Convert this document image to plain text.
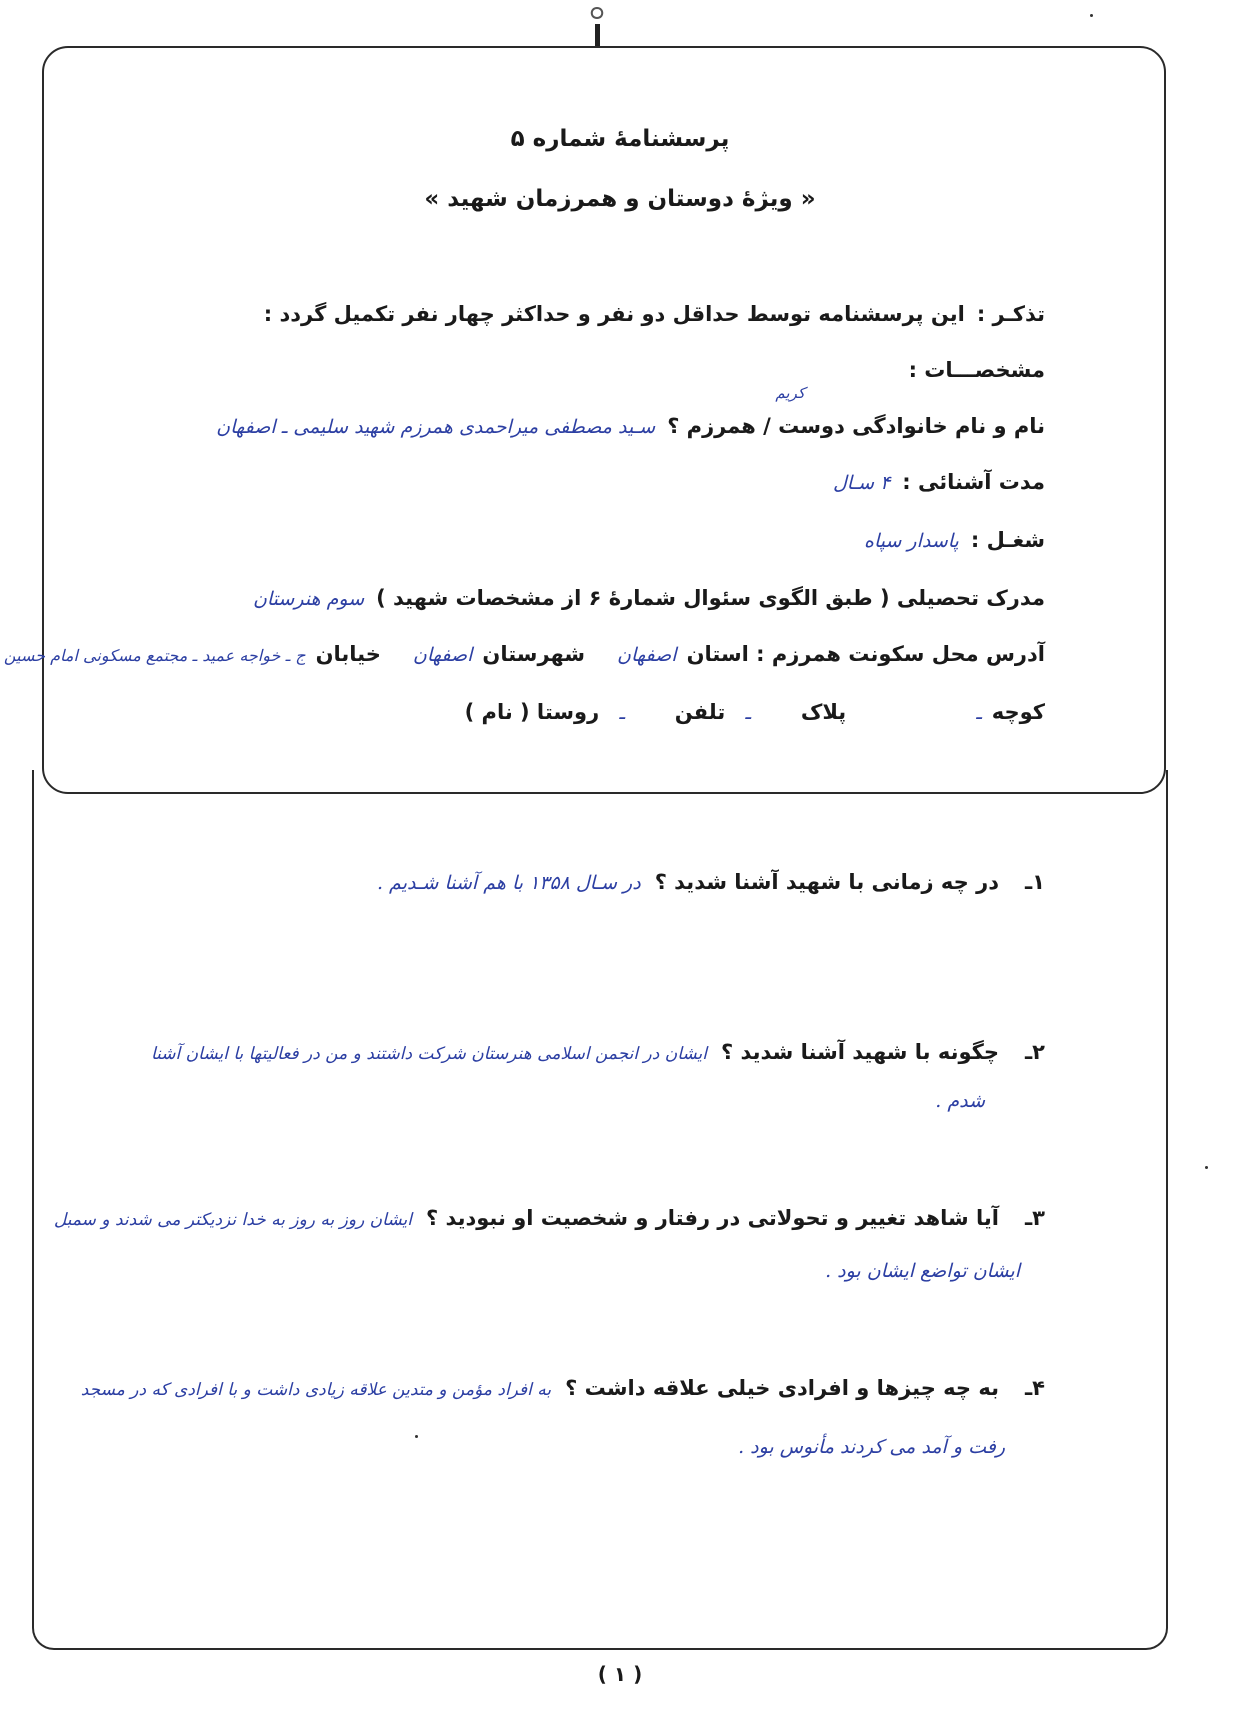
پرسشنامهٔ شماره ۵
« ویژهٔ دوستان و همرزمان شهید »
تذکـر :
این پرسشنامه توسط حداقل دو نفر و حداکثر چهار نفر تکمیل گردد :
مشخصـــات :
نام و نام خانوادگی دوست / همرزم ؟
سـید مصطفی میراحمدی همرزم شهید سلیمی ـ اصفهان
کریم
مدت آشنائی :
۴ سـال
شغـل :
پاسدار سپاه
مدرک تحصیلی ( طبق الگوی سئوال شمارهٔ ۶ از مشخصات شهید )
سوم هنرستان
آدرس محل سکونت همرزم : استان
اصفهان
شهرستان
اصفهان
خیابان
ج ـ خواجه عمید ـ مجتمع مسکونی امام حسین
کوچه
ـ
پلاک
ـ
تلفن
ـ
روستا ( نام )
۱ـ
در چه زمانی با شهید آشنا شدید ؟
در سـال ۱۳۵۸ با هم آشنا شـدیم .
۲ـ
چگونه با شهید آشنا شدید ؟
ایشان در انجمن اسلامی هنرستان شرکت داشتند و من در فعالیتها با ایشان آشنا
شدم .
۳ـ
آیا شاهد تغییر و تحولاتی در رفتار و شخصیت او نبودید ؟
ایشان روز به روز به خدا نزدیکتر می شدند و سمبل
ایشان تواضع ایشان بود .
۴ـ
به چه چیزها و افرادی خیلی علاقه داشت ؟
به افراد مؤمن و متدین علاقه زیادی داشت و با افرادی که در مسجد
رفت و آمد می کردند مأنوس بود .
( ۱ )
